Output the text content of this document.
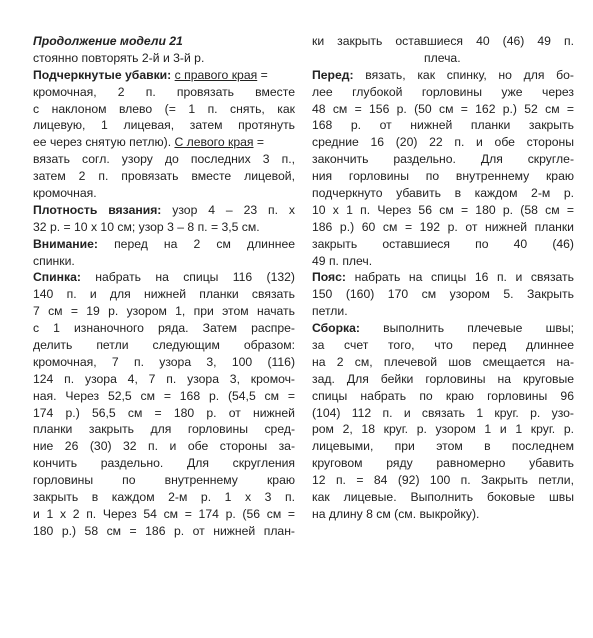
Продолжение модели 21
стоянно повторять 2-й и 3-й р.
Подчеркнутые убавки: с правого края =
кромочная, 2 п. провязать вместе
с наклоном влево (= 1 п. снять, как
лицевую, 1 лицевая, затем протянуть
ее через снятую петлю). С левого края =
вязать согл. узору до последних 3 п.,
затем 2 п. провязать вместе лицевой,
кромочная.
Плотность вязания: узор 4 – 23 п. х
32 р. = 10 х 10 см; узор 3 – 8 п. = 3,5 см.
Внимание: перед на 2 см длиннее
спинки.
Спинка: набрать на спицы 116 (132)
140 п. и для нижней планки связать
7 см = 19 р. узором 1, при этом начать
с 1 изнаночного ряда. Затем распре-
делить петли следующим образом:
кромочная, 7 п. узора 3, 100 (116)
124 п. узора 4, 7 п. узора 3, кромоч-
ная. Через 52,5 см = 168 р. (54,5 см =
174 р.) 56,5 см = 180 р. от нижней
планки закрыть для горловины сред-
ние 26 (30) 32 п. и обе стороны за-
кончить раздельно. Для скругления
горловины по внутреннему краю
закрыть в каждом 2-м р. 1 х 3 п.
и 1 х 2 п. Через 54 см = 174 р. (56 см =
180 р.) 58 см = 186 р. от нижней план-
ки закрыть оставшиеся 40 (46) 49 п.
плеча.
Перед: вязать, как спинку, но для бо-
лее глубокой горловины уже через
48 см = 156 р. (50 см = 162 р.) 52 см =
168 р. от нижней планки закрыть
средние 16 (20) 22 п. и обе стороны
закончить раздельно. Для скругле-
ния горловины по внутреннему краю
подчеркнуто убавить в каждом 2-м р.
10 х 1 п. Через 56 см = 180 р. (58 см =
186 р.) 60 см = 192 р. от нижней планки
закрыть оставшиеся по 40 (46)
49 п. плеч.
Пояс: набрать на спицы 16 п. и связать
150 (160) 170 см узором 5. Закрыть
петли.
Сборка: выполнить плечевые швы;
за счет того, что перед длиннее
на 2 см, плечевой шов смещается на-
зад. Для бейки горловины на круговые
спицы набрать по краю горловины 96
(104) 112 п. и связать 1 круг. р. узо-
ром 2, 18 круг. р. узором 1 и 1 круг. р.
лицевыми, при этом в последнем
круговом ряду равномерно убавить
12 п. = 84 (92) 100 п. Закрыть петли,
как лицевые. Выполнить боковые швы
на длину 8 см (см. выкройку).
